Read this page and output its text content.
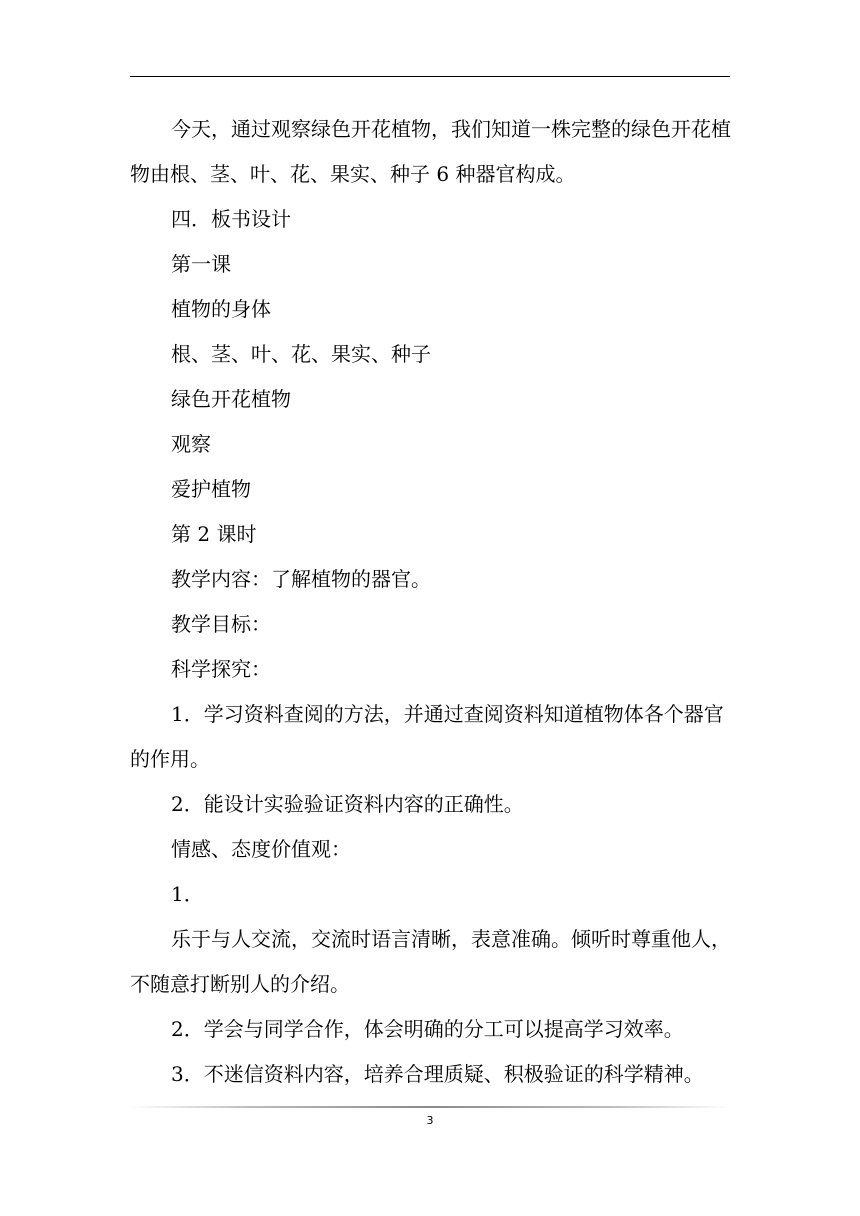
今天，通过观察绿色开花植物，我们知道一株完整的绿色开花植
物由根、茎、叶、花、果实、种子 6 种器官构成。

四．板书设计

第一课

植物的身体

根、茎、叶、花、果实、种子

绿色开花植物

观察

爱护植物

第 2 课时

教学内容：了解植物的器官。

教学目标：

科学探究：

1．学习资料查阅的方法，并通过查阅资料知道植物体各个器官
的作用。

2．能设计实验验证资料内容的正确性。

情感、态度价值观：

1．

乐于与人交流，交流时语言清晰，表意准确。倾听时尊重他人，
不随意打断别人的介绍。

2．学会与同学合作，体会明确的分工可以提高学习效率。

3．不迷信资料内容，培养合理质疑、积极验证的科学精神。

3
